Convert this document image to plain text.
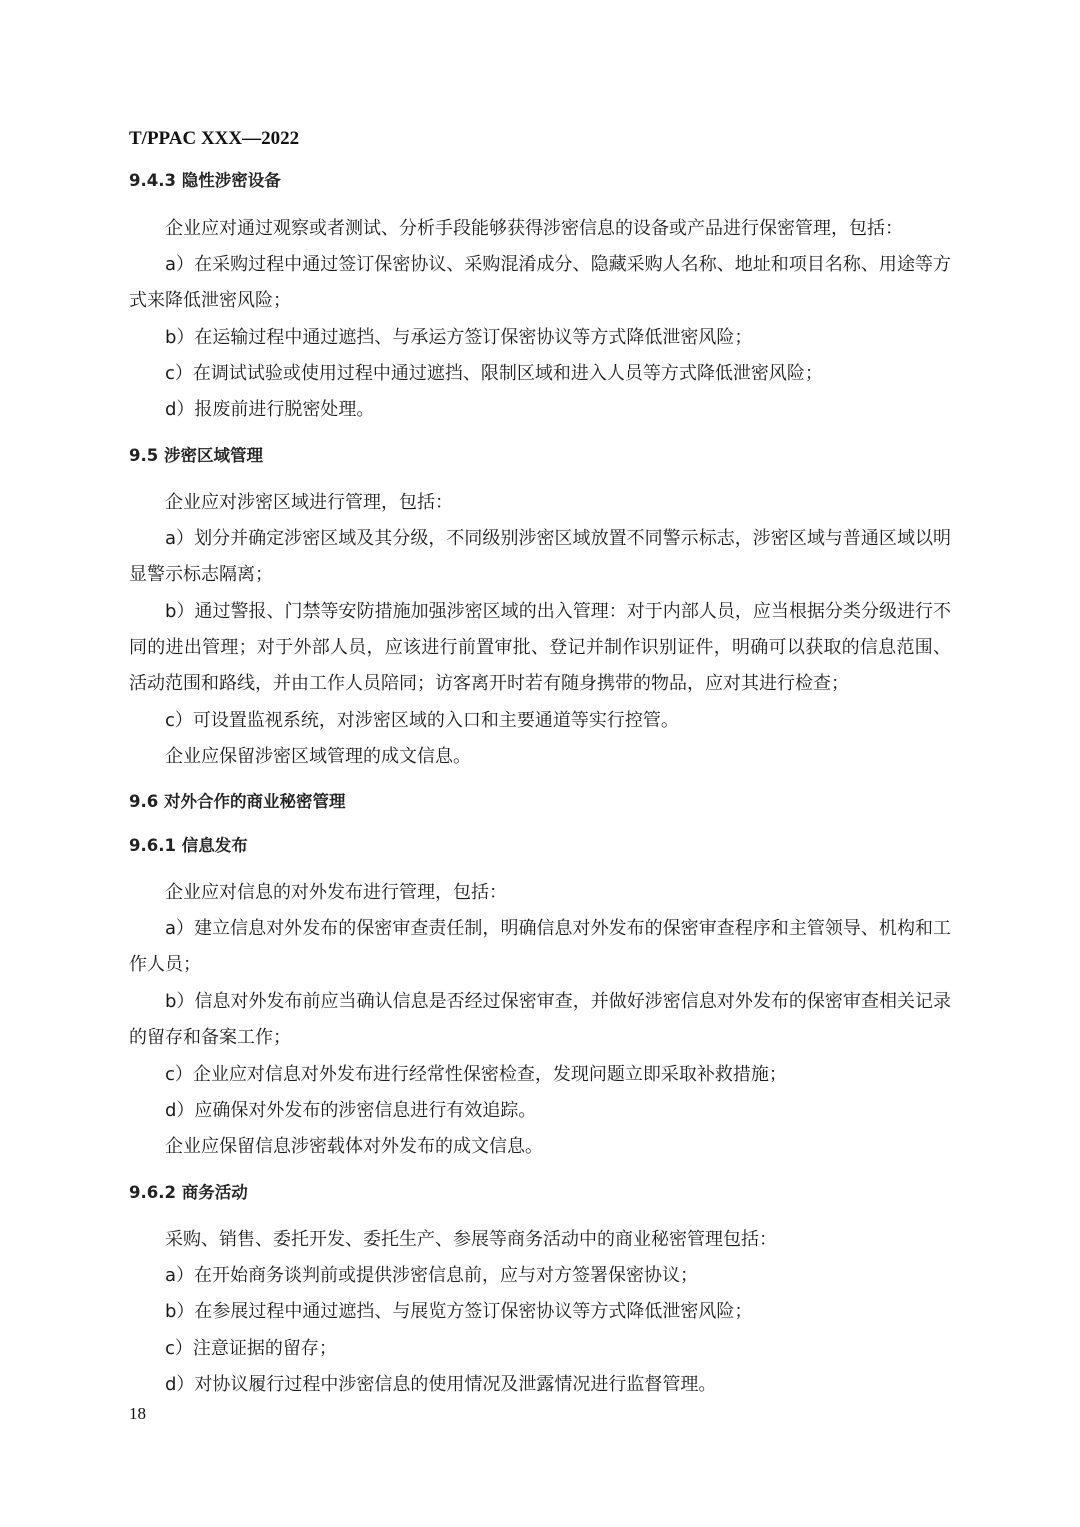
T/PPAC XXX—2022
9.4.3 隐性涉密设备
企业应对通过观察或者测试、分析手段能够获得涉密信息的设备或产品进行保密管理，包括：
a）在采购过程中通过签订保密协议、采购混淆成分、隐藏采购人名称、地址和项目名称、用途等方式来降低泄密风险；
b）在运输过程中通过遮挡、与承运方签订保密协议等方式降低泄密风险；
c）在调试试验或使用过程中通过遮挡、限制区域和进入人员等方式降低泄密风险；
d）报废前进行脱密处理。
9.5 涉密区域管理
企业应对涉密区域进行管理，包括：
a）划分并确定涉密区域及其分级，不同级别涉密区域放置不同警示标志，涉密区域与普通区域以明显警示标志隔离；
b）通过警报、门禁等安防措施加强涉密区域的出入管理：对于内部人员，应当根据分类分级进行不同的进出管理；对于外部人员，应该进行前置审批、登记并制作识别证件，明确可以获取的信息范围、活动范围和路线，并由工作人员陪同；访客离开时若有随身携带的物品，应对其进行检查；
c）可设置监视系统，对涉密区域的入口和主要通道等实行控管。
企业应保留涉密区域管理的成文信息。
9.6 对外合作的商业秘密管理
9.6.1 信息发布
企业应对信息的对外发布进行管理，包括：
a）建立信息对外发布的保密审查责任制，明确信息对外发布的保密审查程序和主管领导、机构和工作人员；
b）信息对外发布前应当确认信息是否经过保密审查，并做好涉密信息对外发布的保密审查相关记录的留存和备案工作；
c）企业应对信息对外发布进行经常性保密检查，发现问题立即采取补救措施；
d）应确保对外发布的涉密信息进行有效追踪。
企业应保留信息涉密载体对外发布的成文信息。
9.6.2 商务活动
采购、销售、委托开发、委托生产、参展等商务活动中的商业秘密管理包括：
a）在开始商务谈判前或提供涉密信息前，应与对方签署保密协议；
b）在参展过程中通过遮挡、与展览方签订保密协议等方式降低泄密风险；
c）注意证据的留存；
d）对协议履行过程中涉密信息的使用情况及泄露情况进行监督管理。
18
